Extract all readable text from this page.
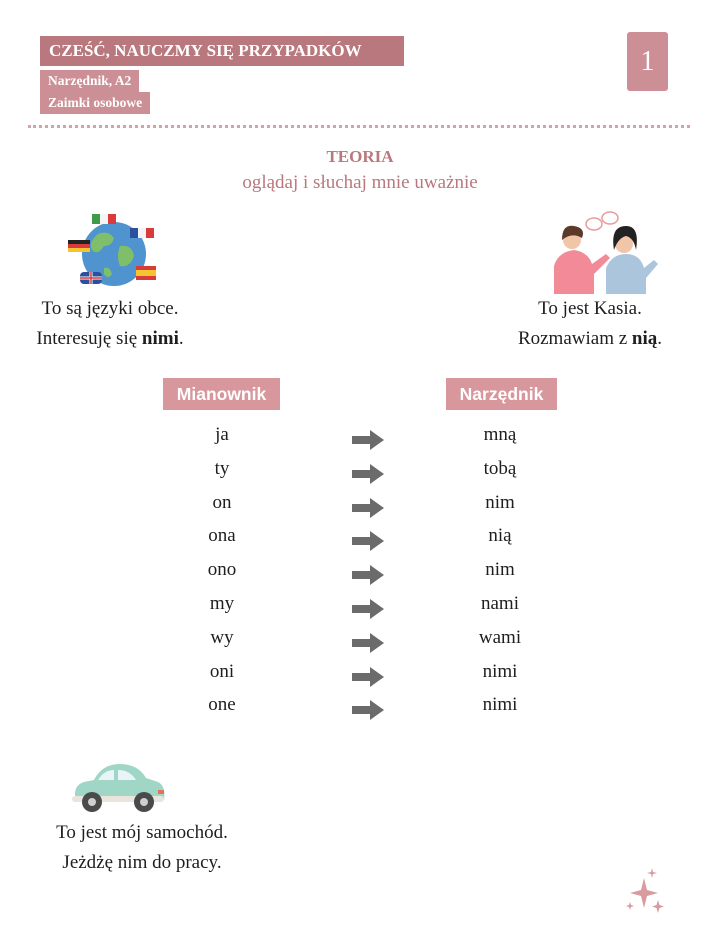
CZEŚĆ, NAUCZMY SIĘ PRZYPADKÓW
Narzędnik, A2
Zaimki osobowe
1
TEORIA
oglądaj i słuchaj mnie uważnie
To są języki obce.
Interesuję się nimi.
To jest Kasia.
Rozmawiam z nią.
Mianownik	Narzędnik
ja	mną
ty	tobą
on	nim
ona	nią
ono	nim
my	nami
wy	wami
oni	nimi
one	nimi
To jest mój samochód.
Jeżdżę nim do pracy.
